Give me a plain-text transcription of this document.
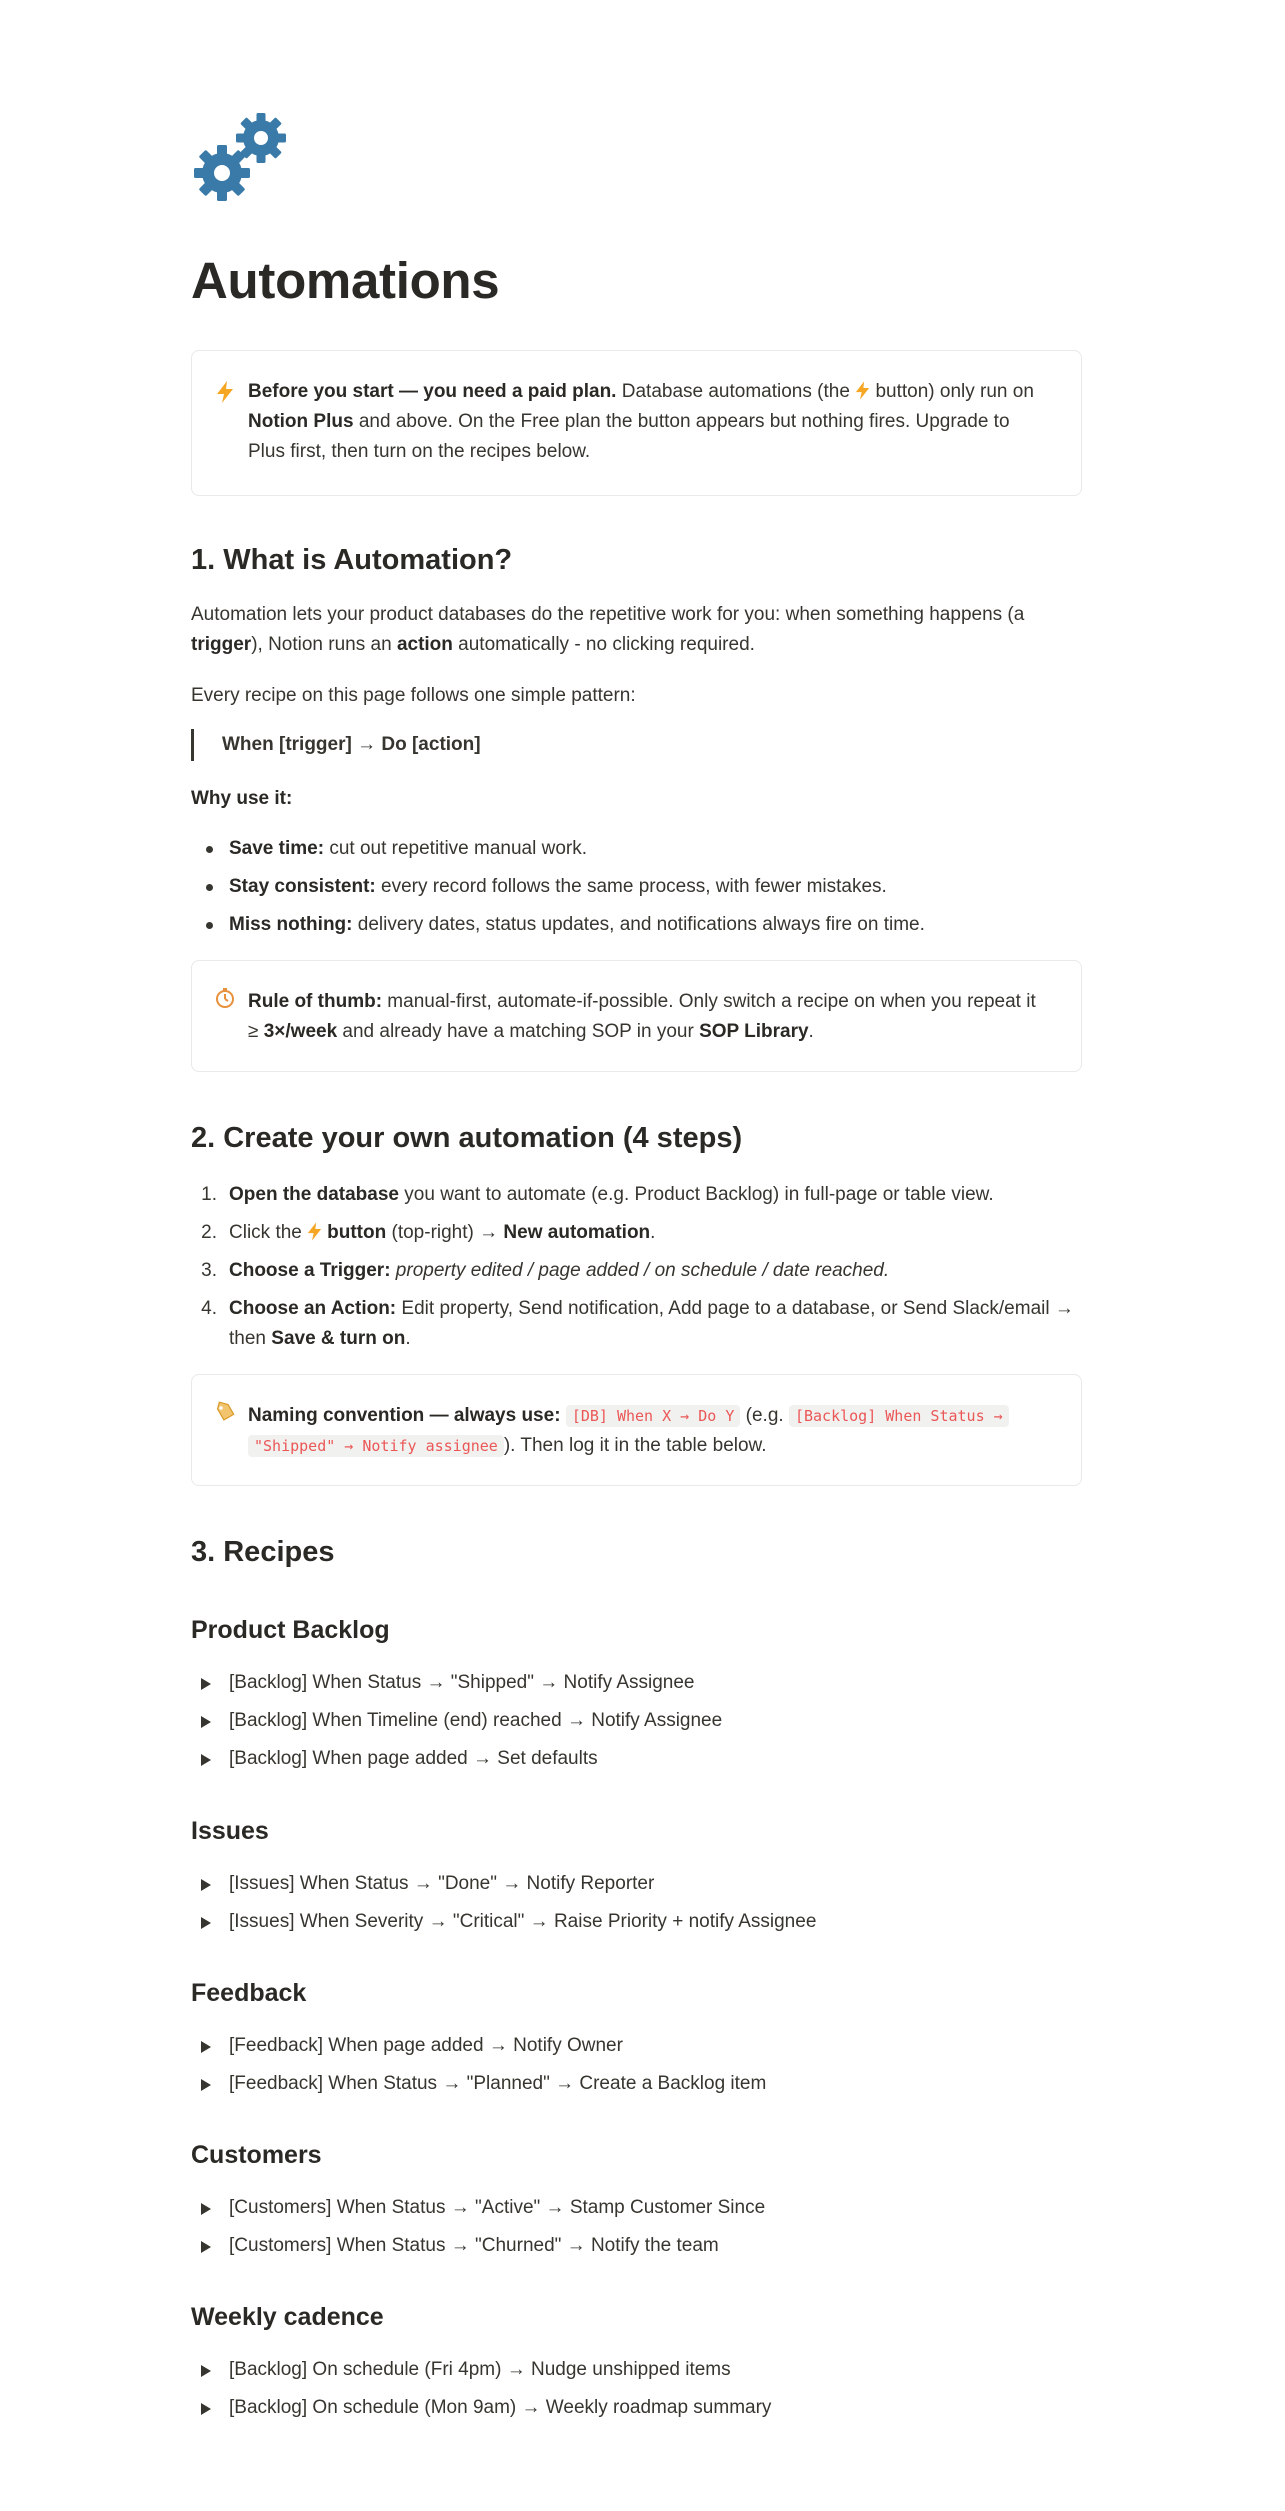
Automations
Before you start — you need a paid plan. Database automations (the  button) only run on Notion Plus and above. On the Free plan the button appears but nothing fires. Upgrade to Plus first, then turn on the recipes below.
1. What is Automation?

Automation lets your product databases do the repetitive work for you: when something happens (a trigger), Notion runs an action automatically - no clicking required.

Every recipe on this page follows one simple pattern:

When [trigger] → Do [action]

Why use it:

Save time: cut out repetitive manual work.
Stay consistent: every record follows the same process, with fewer mistakes.
Miss nothing: delivery dates, status updates, and notifications always fire on time.
Rule of thumb: manual-first, automate-if-possible. Only switch a recipe on when you repeat it ≥ 3×/week and already have a matching SOP in your SOP Library.
2. Create your own automation (4 steps)
1. Open the database you want to automate (e.g. Product Backlog) in full-page or table view.
2. Click the button (top-right) → New automation.
3. Choose a Trigger: property edited / page added / on schedule / date reached.
4. Choose an Action: Edit property, Send notification, Add page to a database, or Send Slack/email → then Save & turn on.
Naming convention — always use: [DB] When X → Do Y (e.g. [Backlog] When Status →
"Shipped" → Notify assignee ). Then log it in the table below.
3. Recipes
Product Backlog
[Backlog] When Status → "Shipped" → Notify Assignee
[Backlog] When Timeline (end) reached → Notify Assignee
[Backlog] When page added → Set defaults
Issues
[Issues] When Status → "Done" → Notify Reporter
[Issues] When Severity → "Critical" → Raise Priority + notify Assignee
Feedback
[Feedback] When page added → Notify Owner
[Feedback] When Status → "Planned" → Create a Backlog item
Customers
[Customers] When Status → "Active" → Stamp Customer Since
[Customers] When Status → "Churned" → Notify the team
Weekly cadence
[Backlog] On schedule (Fri 4pm) → Nudge unshipped items
[Backlog] On schedule (Mon 9am) → Weekly roadmap summary
